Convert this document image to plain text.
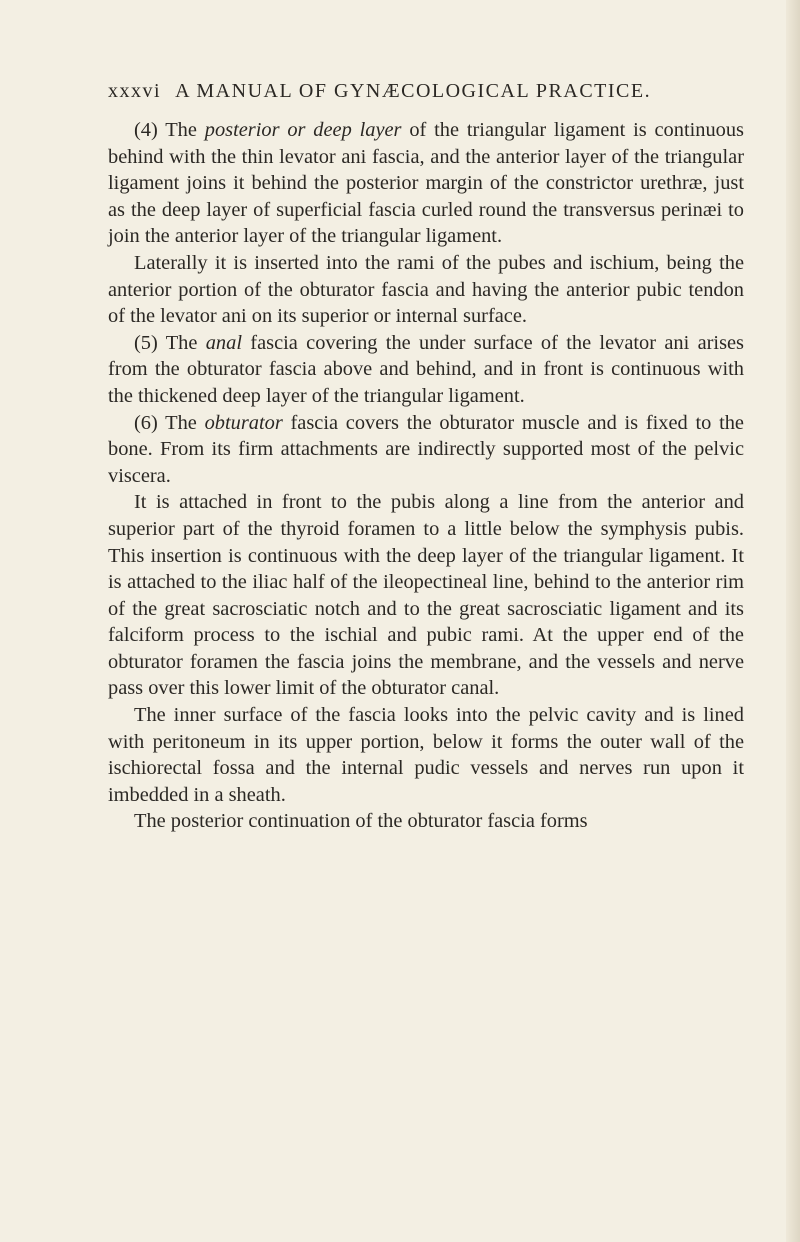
xxxvi A MANUAL OF GYNÆCOLOGICAL PRACTICE.

(4) The posterior or deep layer of the triangular ligament is continuous behind with the thin levator ani fascia, and the anterior layer of the triangular ligament joins it behind the posterior margin of the constrictor urethræ, just as the deep layer of superficial fascia curled round the transversus perinæi to join the anterior layer of the triangular ligament.

Laterally it is inserted into the rami of the pubes and ischium, being the anterior portion of the obturator fascia and having the anterior pubic tendon of the levator ani on its superior or internal surface.

(5) The anal fascia covering the under surface of the levator ani arises from the obturator fascia above and behind, and in front is continuous with the thickened deep layer of the triangular ligament.

(6) The obturator fascia covers the obturator muscle and is fixed to the bone. From its firm attachments are indirectly supported most of the pelvic viscera.

It is attached in front to the pubis along a line from the anterior and superior part of the thyroid foramen to a little below the symphysis pubis. This insertion is continuous with the deep layer of the triangular ligament. It is attached to the iliac half of the ileopectineal line, behind to the anterior rim of the great sacrosciatic notch and to the great sacrosciatic ligament and its falciform process to the ischial and pubic rami. At the upper end of the obturator foramen the fascia joins the membrane, and the vessels and nerve pass over this lower limit of the obturator canal.

The inner surface of the fascia looks into the pelvic cavity and is lined with peritoneum in its upper portion, below it forms the outer wall of the ischiorectal fossa and the internal pudic vessels and nerves run upon it imbedded in a sheath.

The posterior continuation of the obturator fascia forms
